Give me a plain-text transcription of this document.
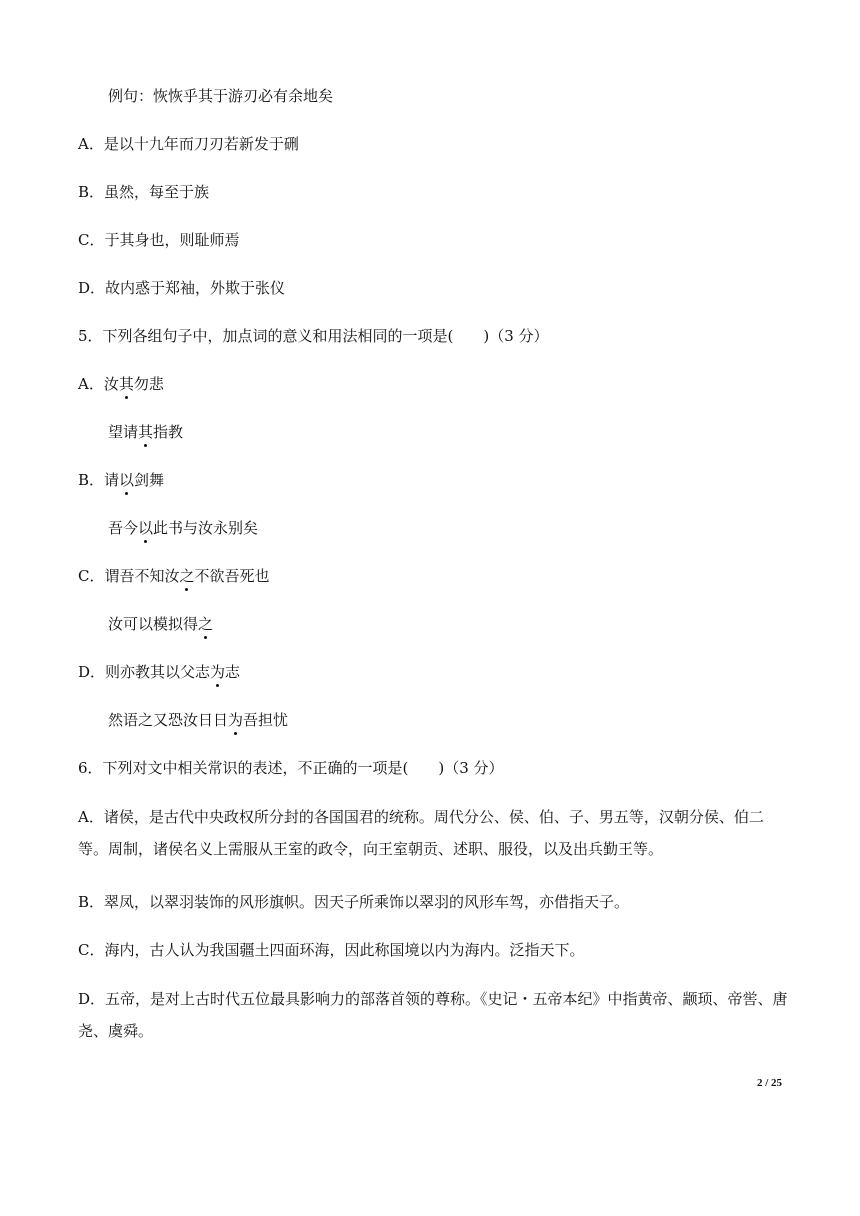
例句：恢恢乎其于游刃必有余地矣
A．是以十九年而刀刃若新发于硎
B．虽然，每至于族
C．于其身也，则耻师焉
D．故内惑于郑袖，外欺于张仪
5．下列各组句子中，加点词的意义和用法相同的一项是(　　)（3 分）
A．汝其勿悲
望请其指教
B．请以剑舞
吾今以此书与汝永别矣
C．谓吾不知汝之不欲吾死也
汝可以模拟得之
D．则亦教其以父志为志
然语之又恐汝日日为吾担忧
6．下列对文中相关常识的表述，不正确的一项是(　　)（3 分）
A．诸侯，是古代中央政权所分封的各国国君的统称。周代分公、侯、伯、子、男五等，汉朝分侯、伯二等。周制，诸侯名义上需服从王室的政令，向王室朝贡、述职、服役，以及出兵勤王等。
B．翠凤，以翠羽装饰的风形旗帜。因天子所乘饰以翠羽的风形车驾，亦借指天子。
C．海内，古人认为我国疆土四面环海，因此称国境以内为海内。泛指天下。
D．五帝，是对上古时代五位最具影响力的部落首领的尊称。《史记・五帝本纪》中指黄帝、颛顼、帝喾、唐尧、虞舜。
2 / 25
